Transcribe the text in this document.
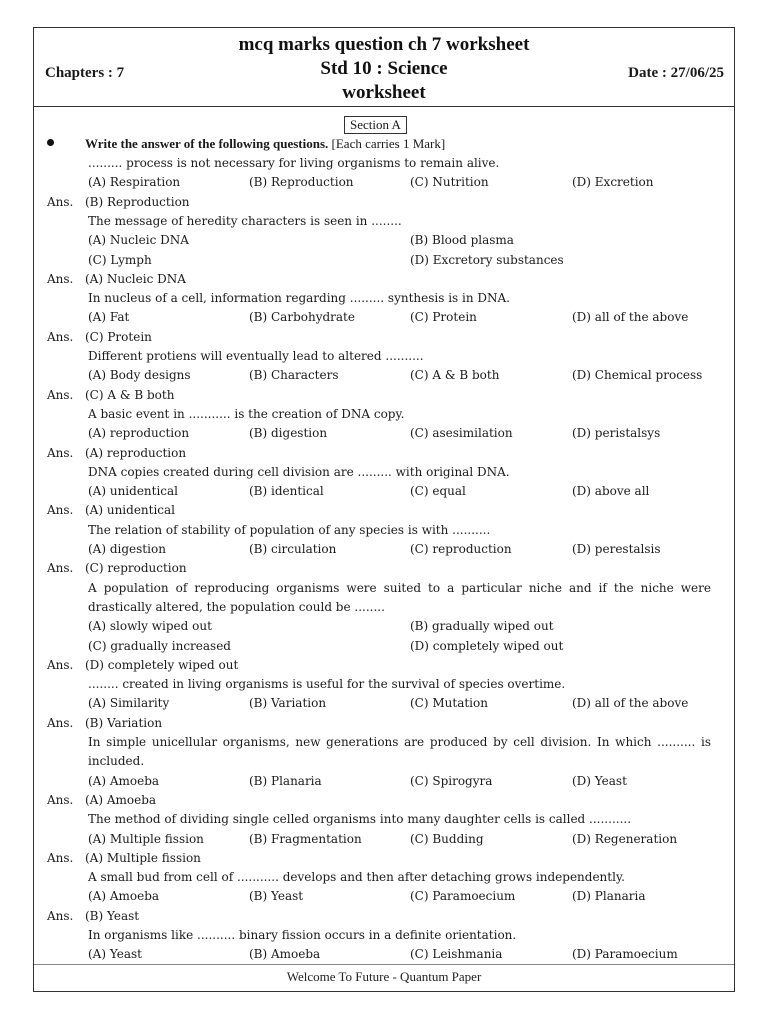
mcq marks question ch 7 worksheet
Std 10 : Science
worksheet
Chapters : 7	Date : 27/06/25
Section A
Write the answer of the following questions. [Each carries 1 Mark]
......... process is not necessary for living organisms to remain alive.
(A) Respiration	(B) Reproduction	(C) Nutrition	(D) Excretion
Ans. (B) Reproduction
The message of heredity characters is seen in ........
(A) Nucleic DNA	(B) Blood plasma
(C) Lymph	(D) Excretory substances
Ans. (A) Nucleic DNA
In nucleus of a cell, information regarding ......... synthesis is in DNA.
(A) Fat	(B) Carbohydrate	(C) Protein	(D) all of the above
Ans. (C) Protein
Different protiens will eventually lead to altered ..........
(A) Body designs	(B) Characters	(C) A & B both	(D) Chemical process
Ans. (C) A & B both
A basic event in ........... is the creation of DNA copy.
(A) reproduction	(B) digestion	(C) asesimilation	(D) peristalsys
Ans. (A) reproduction
DNA copies created during cell division are ......... with original DNA.
(A) unidentical	(B) identical	(C) equal	(D) above all
Ans. (A) unidentical
The relation of stability of population of any species is with ..........
(A) digestion	(B) circulation	(C) reproduction	(D) perestalsis
Ans. (C) reproduction
A population of reproducing organisms were suited to a particular niche and if the niche were
drastically altered, the population could be ........
(A) slowly wiped out	(B) gradually wiped out
(C) gradually increased	(D) completely wiped out
Ans. (D) completely wiped out
........ created in living organisms is useful for the survival of species overtime.
(A) Similarity	(B) Variation	(C) Mutation	(D) all of the above
Ans. (B) Variation
In simple unicellular organisms, new generations are produced by cell division. In which .......... is
included.
(A) Amoeba	(B) Planaria	(C) Spirogyra	(D) Yeast
Ans. (A) Amoeba
The method of dividing single celled organisms into many daughter cells is called ...........
(A) Multiple fission	(B) Fragmentation	(C) Budding	(D) Regeneration
Ans. (A) Multiple fission
A small bud from cell of ........... develops and then after detaching grows independently.
(A) Amoeba	(B) Yeast	(C) Paramoecium	(D) Planaria
Ans. (B) Yeast
In organisms like .......... binary fission occurs in a definite orientation.
(A) Yeast	(B) Amoeba	(C) Leishmania	(D) Paramoecium
Welcome To Future - Quantum Paper
